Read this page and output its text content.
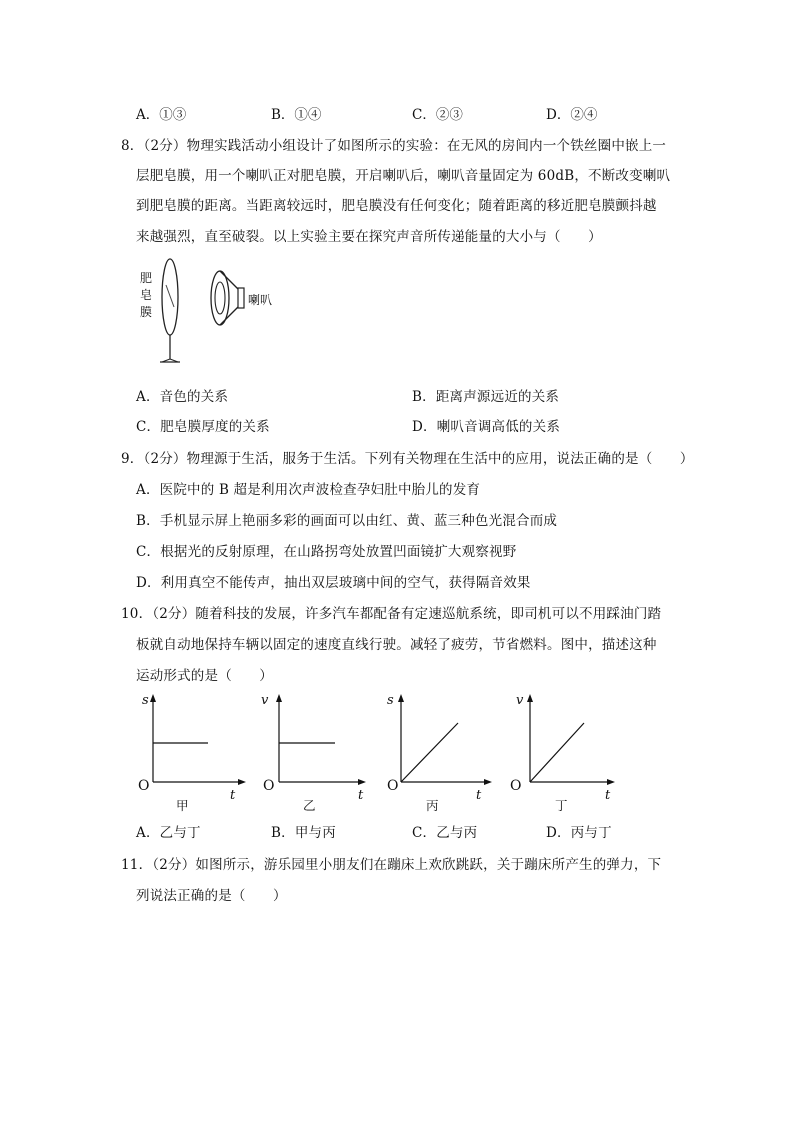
A．①③	B．①④	C．②③	D．②④
8．（2分）物理实践活动小组设计了如图所示的实验：在无风的房间内一个铁丝圈中嵌上一
层肥皂膜，用一个喇叭正对肥皂膜，开启喇叭后，喇叭音量固定为 60dB，不断改变喇叭
到肥皂膜的距离。当距离较远时，肥皂膜没有任何变化；随着距离的移近肥皂膜颤抖越
来越强烈，直至破裂。以上实验主要在探究声音所传递能量的大小与（　　）
肥
皂
膜
喇叭
A．音色的关系	B．距离声源远近的关系
C．肥皂膜厚度的关系	D．喇叭音调高低的关系
9．（2分）物理源于生活，服务于生活。下列有关物理在生活中的应用，说法正确的是（　　）
A．医院中的 B 超是利用次声波检查孕妇肚中胎儿的发育
B．手机显示屏上艳丽多彩的画面可以由红、黄、蓝三种色光混合而成
C．根据光的反射原理，在山路拐弯处放置凹面镜扩大观察视野
D．利用真空不能传声，抽出双层玻璃中间的空气，获得隔音效果
10．（2分）随着科技的发展，许多汽车都配备有定速巡航系统，即司机可以不用踩油门踏
板就自动地保持车辆以固定的速度直线行驶。减轻了疲劳，节省燃料。图中，描述这种
运动形式的是（　　）
s
O
t
甲
v
O
t
乙
s
O
t
丙
v
O
t
丁
A．乙与丁	B．甲与丙	C．乙与丙	D．丙与丁
11．（2分）如图所示，游乐园里小朋友们在蹦床上欢欣跳跃，关于蹦床所产生的弹力，下
列说法正确的是（　　）
